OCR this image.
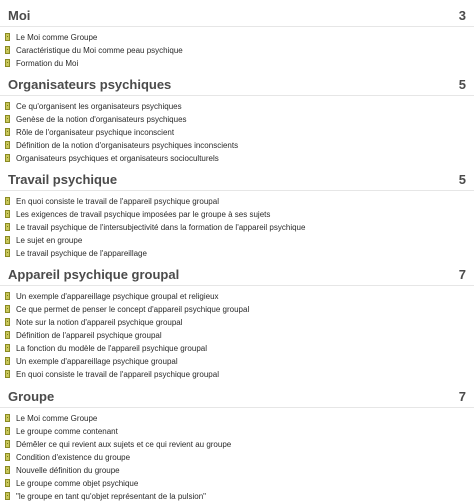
Moi	3
Le Moi comme Groupe
Caractéristique du Moi comme peau psychique
Formation du Moi
Organisateurs psychiques	5
Ce qu'organisent les organisateurs psychiques
Genèse de la notion d'organisateurs psychiques
Rôle de l'organisateur psychique inconscient
Définition de la notion d'organisateurs psychiques inconscients
Organisateurs psychiques et organisateurs socioculturels
Travail psychique	5
En quoi consiste le travail de l'appareil psychique groupal
Les exigences de travail psychique imposées par le groupe à ses sujets
Le travail psychique de l'intersubjectivité dans la formation de l'appareil psychique
Le sujet en groupe
Le travail psychique de l'appareillage
Appareil psychique groupal	7
Un exemple d'appareillage psychique groupal et religieux
Ce que permet de penser le concept d'appareil psychique groupal
Note sur la notion d'appareil psychique groupal
Définition de l'appareil psychique groupal
La fonction du modèle de l'appareil psychique groupal
Un exemple d'appareillage psychique groupal
En quoi consiste le travail de l'appareil psychique groupal
Groupe	7
Le Moi comme Groupe
Le groupe comme contenant
Démêler ce qui revient aux sujets et ce qui revient au groupe
Condition d'existence du groupe
Nouvelle définition du groupe
Le groupe comme objet psychique
"le groupe en tant qu'objet représentant de la pulsion"
